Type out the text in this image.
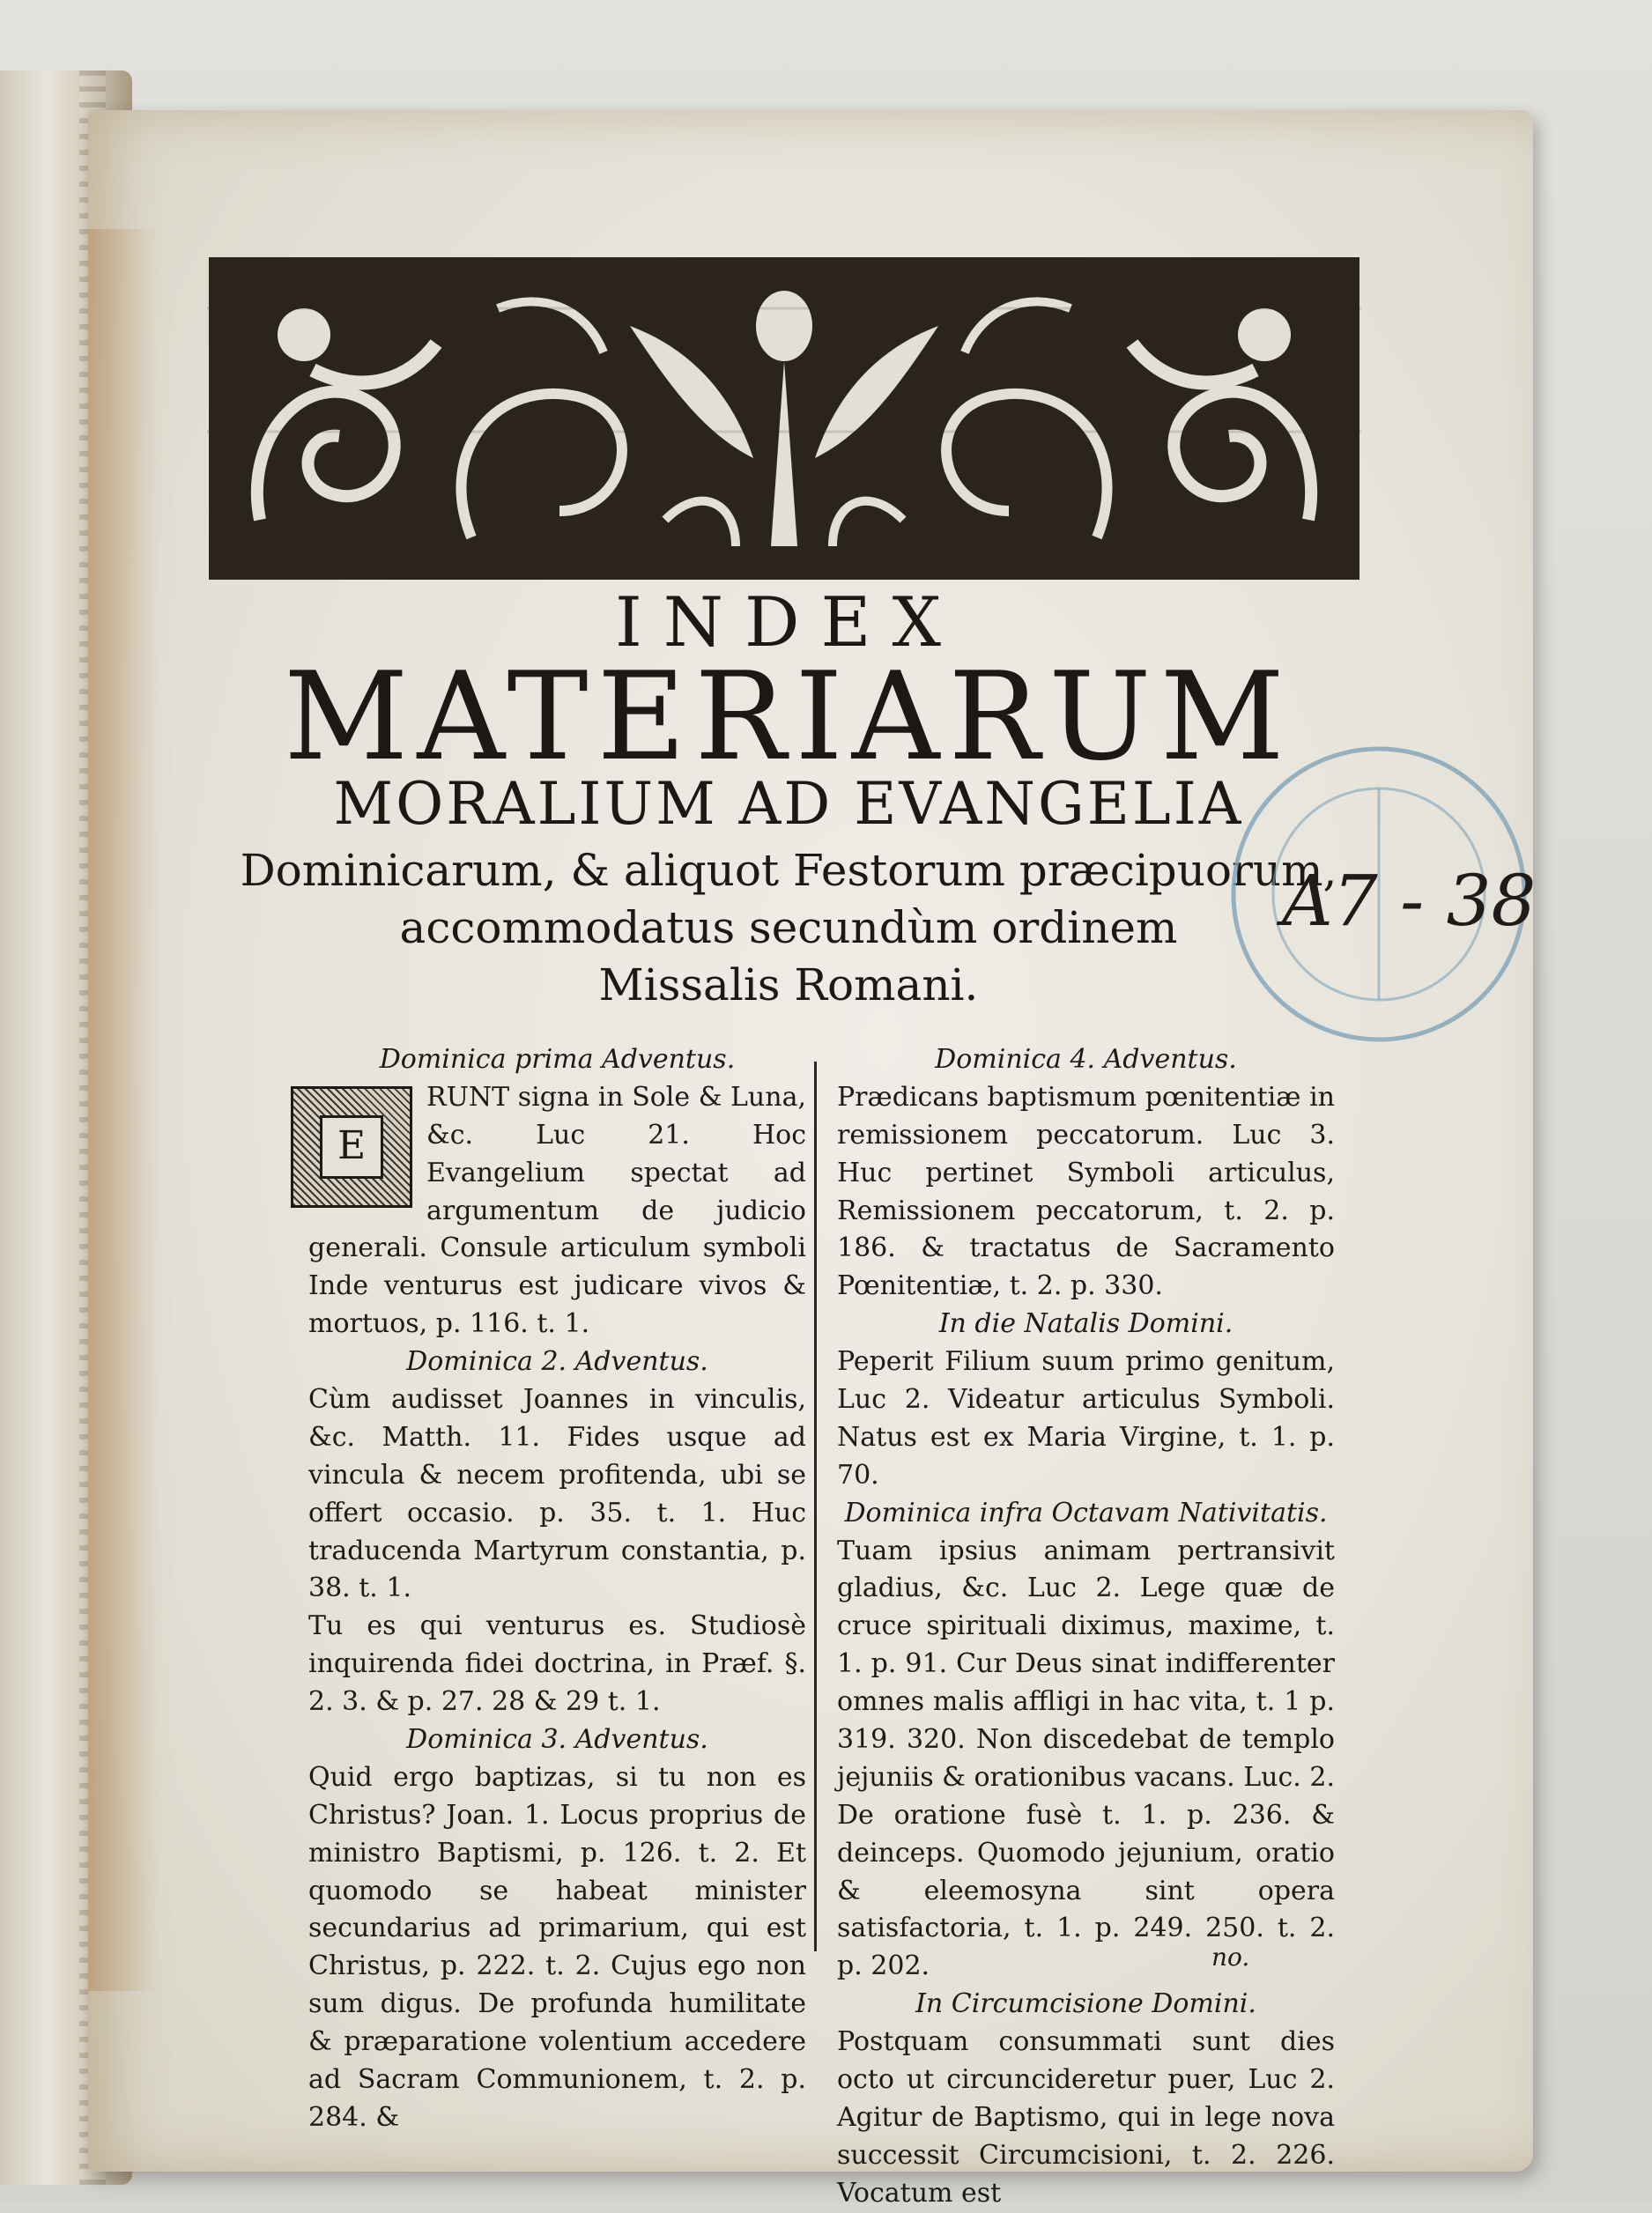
INDEX
MATERIARUM
MORALIUM AD EVANGELIA
Dominicarum, & aliquot Festorum præcipuorum,
accommodatus secundùm ordinem
Missalis Romani.
A7 - 38
Dominica prima Adventus.
E
RUNT signa in Sole & Luna, &c. Luc 21. Hoc Evangelium spectat ad argumentum de judicio generali. Consule articulum symboli Inde venturus est judicare vivos & mortuos, p. 116. t. 1.
Dominica 2. Adventus.
Cùm audisset Joannes in vinculis, &c. Matth. 11. Fides usque ad vincula & necem profitenda, ubi se offert occasio. p. 35. t. 1. Huc traducenda Martyrum constantia, p. 38. t. 1.
Tu es qui venturus es. Studiosè inquirenda fidei doctrina, in Præf. §. 2. 3. & p. 27. 28 & 29 t. 1.
Dominica 3. Adventus.
Quid ergo baptizas, si tu non es Christus? Joan. 1. Locus proprius de ministro Baptismi, p. 126. t. 2. Et quomodo se habeat minister secundarius ad primarium, qui est Christus, p. 222. t. 2. Cujus ego non sum digus. De profunda humilitate & præparatione volentium accedere ad Sacram Communionem, t. 2. p. 284. &
Dominica 4. Adventus.
Prædicans baptismum pœnitentiæ in remissionem peccatorum. Luc 3. Huc pertinet Symboli articulus, Remissionem peccatorum, t. 2. p. 186. & tractatus de Sacramento Pœnitentiæ, t. 2. p. 330.
In die Natalis Domini.
Peperit Filium suum primo genitum, Luc 2. Videatur articulus Symboli. Natus est ex Maria Virgine, t. 1. p. 70.
Dominica infra Octavam Nativitatis.
Tuam ipsius animam pertransivit gladius, &c. Luc 2. Lege quæ de cruce spirituali diximus, maxime, t. 1. p. 91. Cur Deus sinat indifferenter omnes malis affligi in hac vita, t. 1 p. 319. 320. Non discedebat de templo jejuniis & orationibus vacans. Luc. 2. De oratione fusè t. 1. p. 236. & deinceps. Quomodo jejunium, oratio & eleemosyna sint opera satisfactoria, t. 1. p. 249. 250. t. 2. p. 202.
In Circumcisione Domini.
Postquam consummati sunt dies octo ut circuncideretur puer, Luc 2. Agitur de Baptismo, qui in lege nova successit Circumcisioni, t. 2. 226. Vocatum est
no.
